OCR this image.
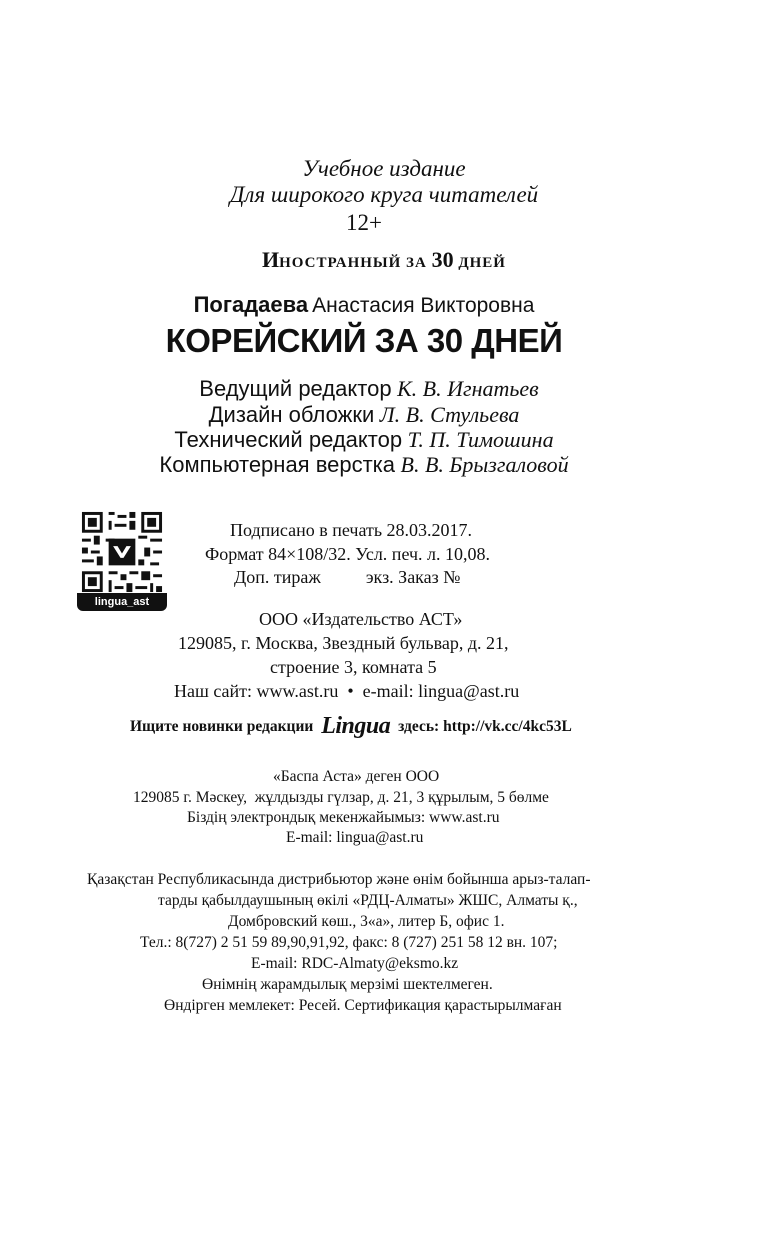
Учебное издание
Для широкого круга читателей
12+
ИНОСТРАННЫЙ ЗА 30 ДНЕЙ
Погадаева Анастасия Викторовна
КОРЕЙСКИЙ ЗА 30 ДНЕЙ
Ведущий редактор К. В. Игнатьев
Дизайн обложки Л. В. Стульева
Технический редактор Т. П. Тимошина
Компьютерная верстка В. В. Брызгаловой
lingua_ast
Подписано в печать 28.03.2017.
Формат 84×108/32. Усл. печ. л. 10,08.
Доп. тираж          экз. Заказ №
ООО «Издательство АСТ»
129085, г. Москва, Звездный бульвар, д. 21,
строение 3, комната 5
Наш сайт: www.ast.ru  •  e-mail: lingua@ast.ru
Ищите новинки редакции Lingua здесь: http://vk.cc/4kc53L
«Баспа Аста» деген ООО
129085 г. Мәскеу,  жұлдызды гүлзар, д. 21, 3 құрылым, 5 бөлме
Біздің электрондық мекенжайымыз: www.ast.ru
E-mail: lingua@ast.ru
Қазақстан Республикасында дистрибьютор және өнім бойынша арыз-талап-
тарды қабылдаушының өкілі «РДЦ-Алматы» ЖШС, Алматы қ.,
Домбровский көш., 3«а», литер Б, офис 1.
Тел.: 8(727) 2 51 59 89,90,91,92, факс: 8 (727) 251 58 12 вн. 107;
E-mail: RDC-Almaty@eksmo.kz
Өнімнің жарамдылық мерзімі шектелмеген.
Өндірген мемлекет: Ресей. Сертификация қарастырылмаған
